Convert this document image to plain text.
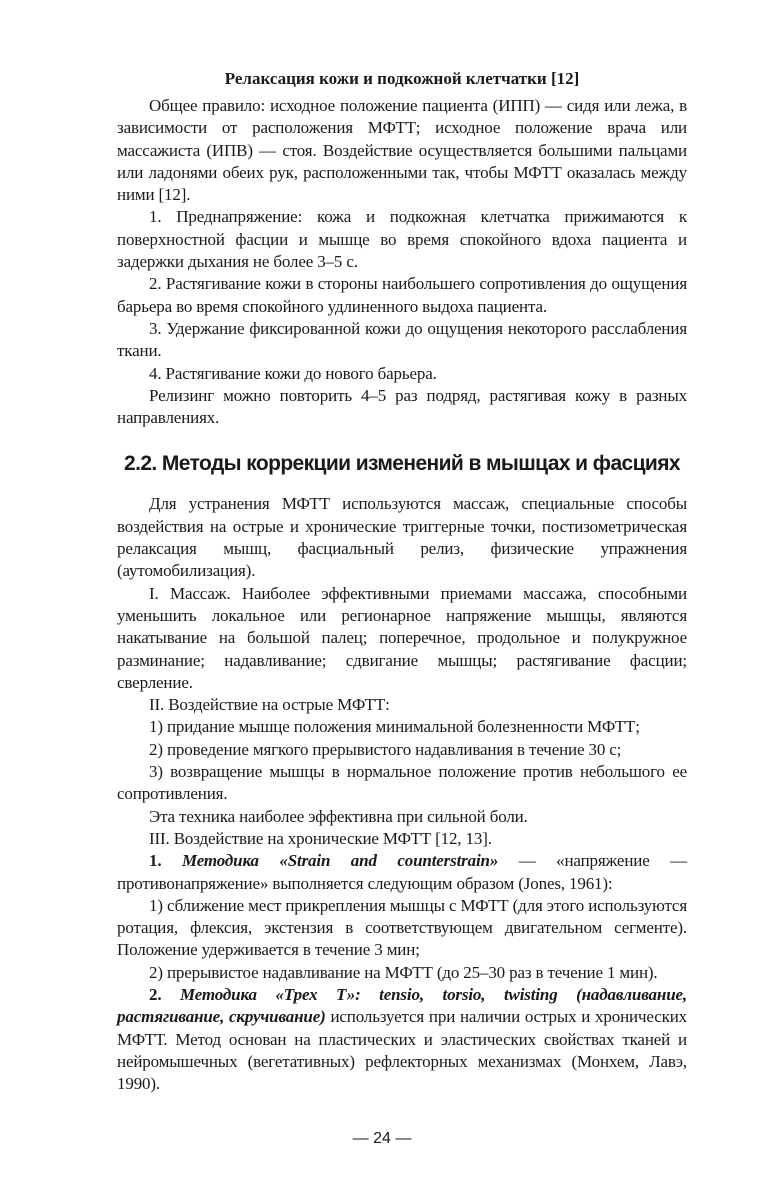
Релаксация кожи и подкожной клетчатки [12]

Общее правило: исходное положение пациента (ИПП) — сидя или лежа, в зависимости от расположения МФТТ; исходное положение врача или массажиста (ИПВ) — стоя. Воздействие осуществляется большими пальцами или ладонями обеих рук, расположенными так, чтобы МФТТ оказалась между ними [12].

1. Преднапряжение: кожа и подкожная клетчатка прижимаются к поверхностной фасции и мышце во время спокойного вдоха пациента и задержки дыхания не более 3–5 с.

2. Растягивание кожи в стороны наибольшего сопротивления до ощущения барьера во время спокойного удлиненного выдоха пациента.

3. Удержание фиксированной кожи до ощущения некоторого расслабления ткани.

4. Растягивание кожи до нового барьера.

Релизинг можно повторить 4–5 раз подряд, растягивая кожу в разных направлениях.

2.2. Методы коррекции изменений в мышцах и фасциях

Для устранения МФТТ используются массаж, специальные способы воздействия на острые и хронические триггерные точки, постизометрическая релаксация мышц, фасциальный релиз, физические упражнения (аутомобилизация).

I. Массаж. Наиболее эффективными приемами массажа, способными уменьшить локальное или регионарное напряжение мышцы, являются накатывание на большой палец; поперечное, продольное и полукружное разминание; надавливание; сдвигание мышцы; растягивание фасции; сверление.

II. Воздействие на острые МФТТ:

1) придание мышце положения минимальной болезненности МФТТ;

2) проведение мягкого прерывистого надавливания в течение 30 с;

3) возвращение мышцы в нормальное положение против небольшого ее сопротивления.

Эта техника наиболее эффективна при сильной боли.

III. Воздействие на хронические МФТТ [12, 13].

1. Методика «Strain and counterstrain» — «напряжение — противонапряжение» выполняется следующим образом (Jones, 1961):

1) сближение мест прикрепления мышцы с МФТТ (для этого используются ротация, флексия, экстензия в соответствующем двигательном сегменте). Положение удерживается в течение 3 мин;

2) прерывистое надавливание на МФТТ (до 25–30 раз в течение 1 мин).

2. Методика «Трех Т»: tensio, torsio, twisting (надавливание, растягивание, скручивание) используется при наличии острых и хронических МФТТ. Метод основан на пластических и эластических свойствах тканей и нейромышечных (вегетативных) рефлекторных механизмах (Монхем, Лавэ, 1990).

— 24 —
